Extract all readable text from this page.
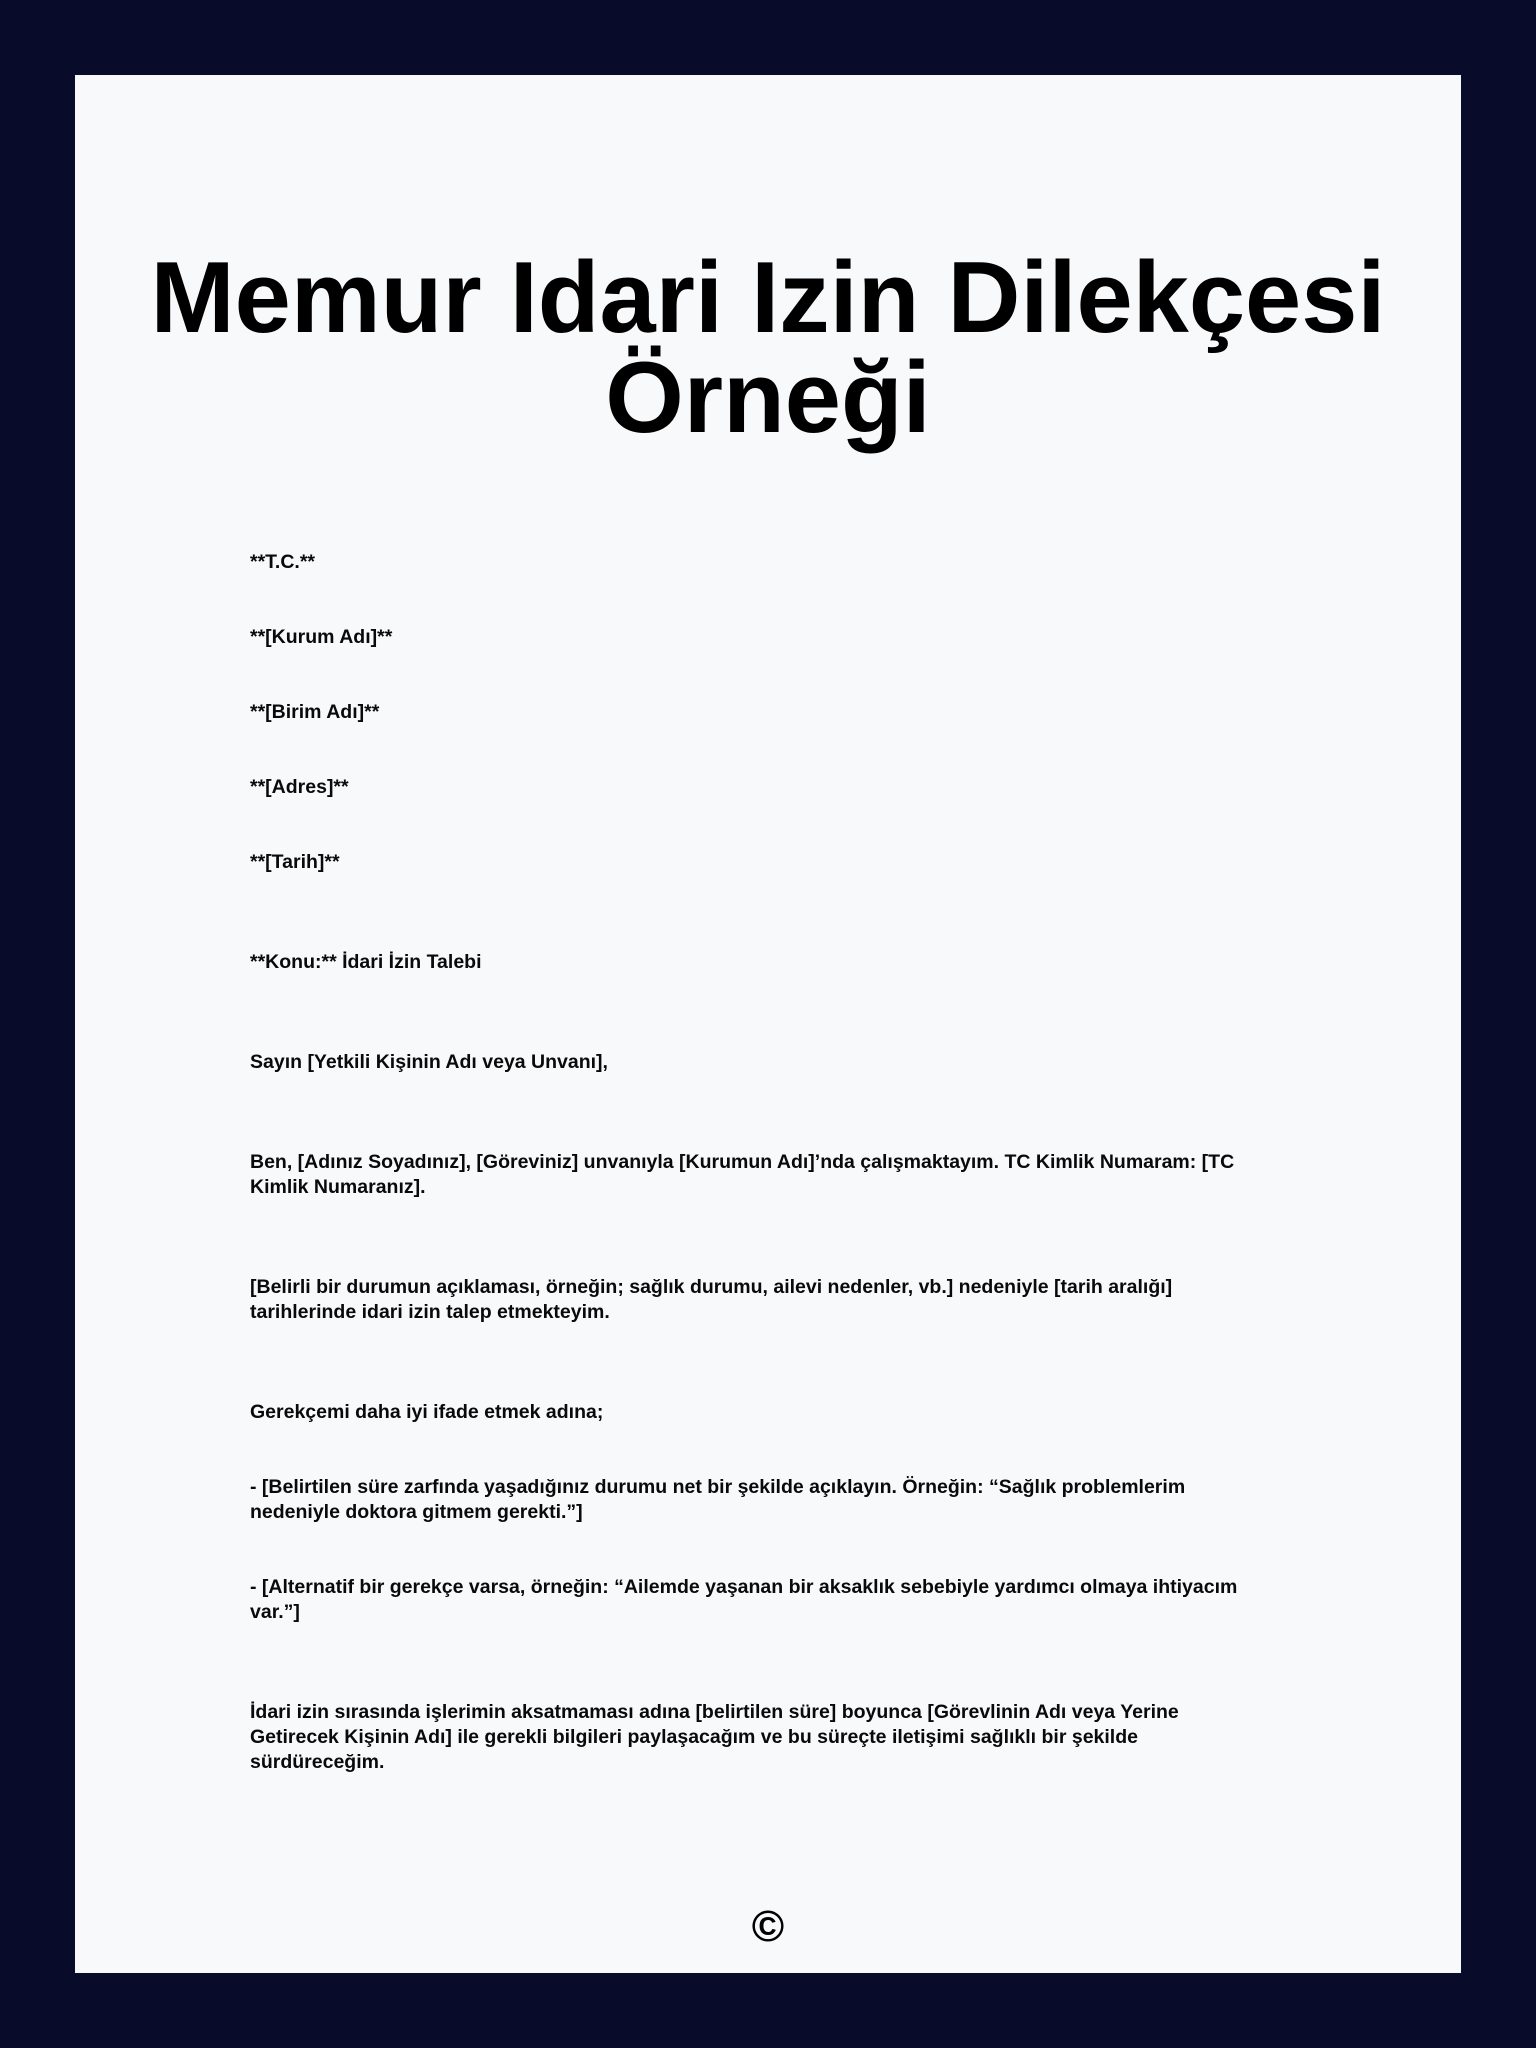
Memur Idari Izin Dilekçesi
Örneği

**T.C.**

**[Kurum Adı]**

**[Birim Adı]**

**[Adres]**

**[Tarih]**

**Konu:** İdari İzin Talebi

Sayın [Yetkili Kişinin Adı veya Unvanı],

Ben, [Adınız Soyadınız], [Göreviniz] unvanıyla [Kurumun Adı]’nda çalışmaktayım. TC Kimlik Numaram: [TC
Kimlik Numaranız].

[Belirli bir durumun açıklaması, örneğin; sağlık durumu, ailevi nedenler, vb.] nedeniyle [tarih aralığı]
tarihlerinde idari izin talep etmekteyim.

Gerekçemi daha iyi ifade etmek adına;

- [Belirtilen süre zarfında yaşadığınız durumu net bir şekilde açıklayın. Örneğin: “Sağlık problemlerim
nedeniyle doktora gitmem gerekti.”]

- [Alternatif bir gerekçe varsa, örneğin: “Ailemde yaşanan bir aksaklık sebebiyle yardımcı olmaya ihtiyacım
var.”]

İdari izin sırasında işlerimin aksatmaması adına [belirtilen süre] boyunca [Görevlinin Adı veya Yerine
Getirecek Kişinin Adı] ile gerekli bilgileri paylaşacağım ve bu süreçte iletişimi sağlıklı bir şekilde
sürdüreceğim.

©
